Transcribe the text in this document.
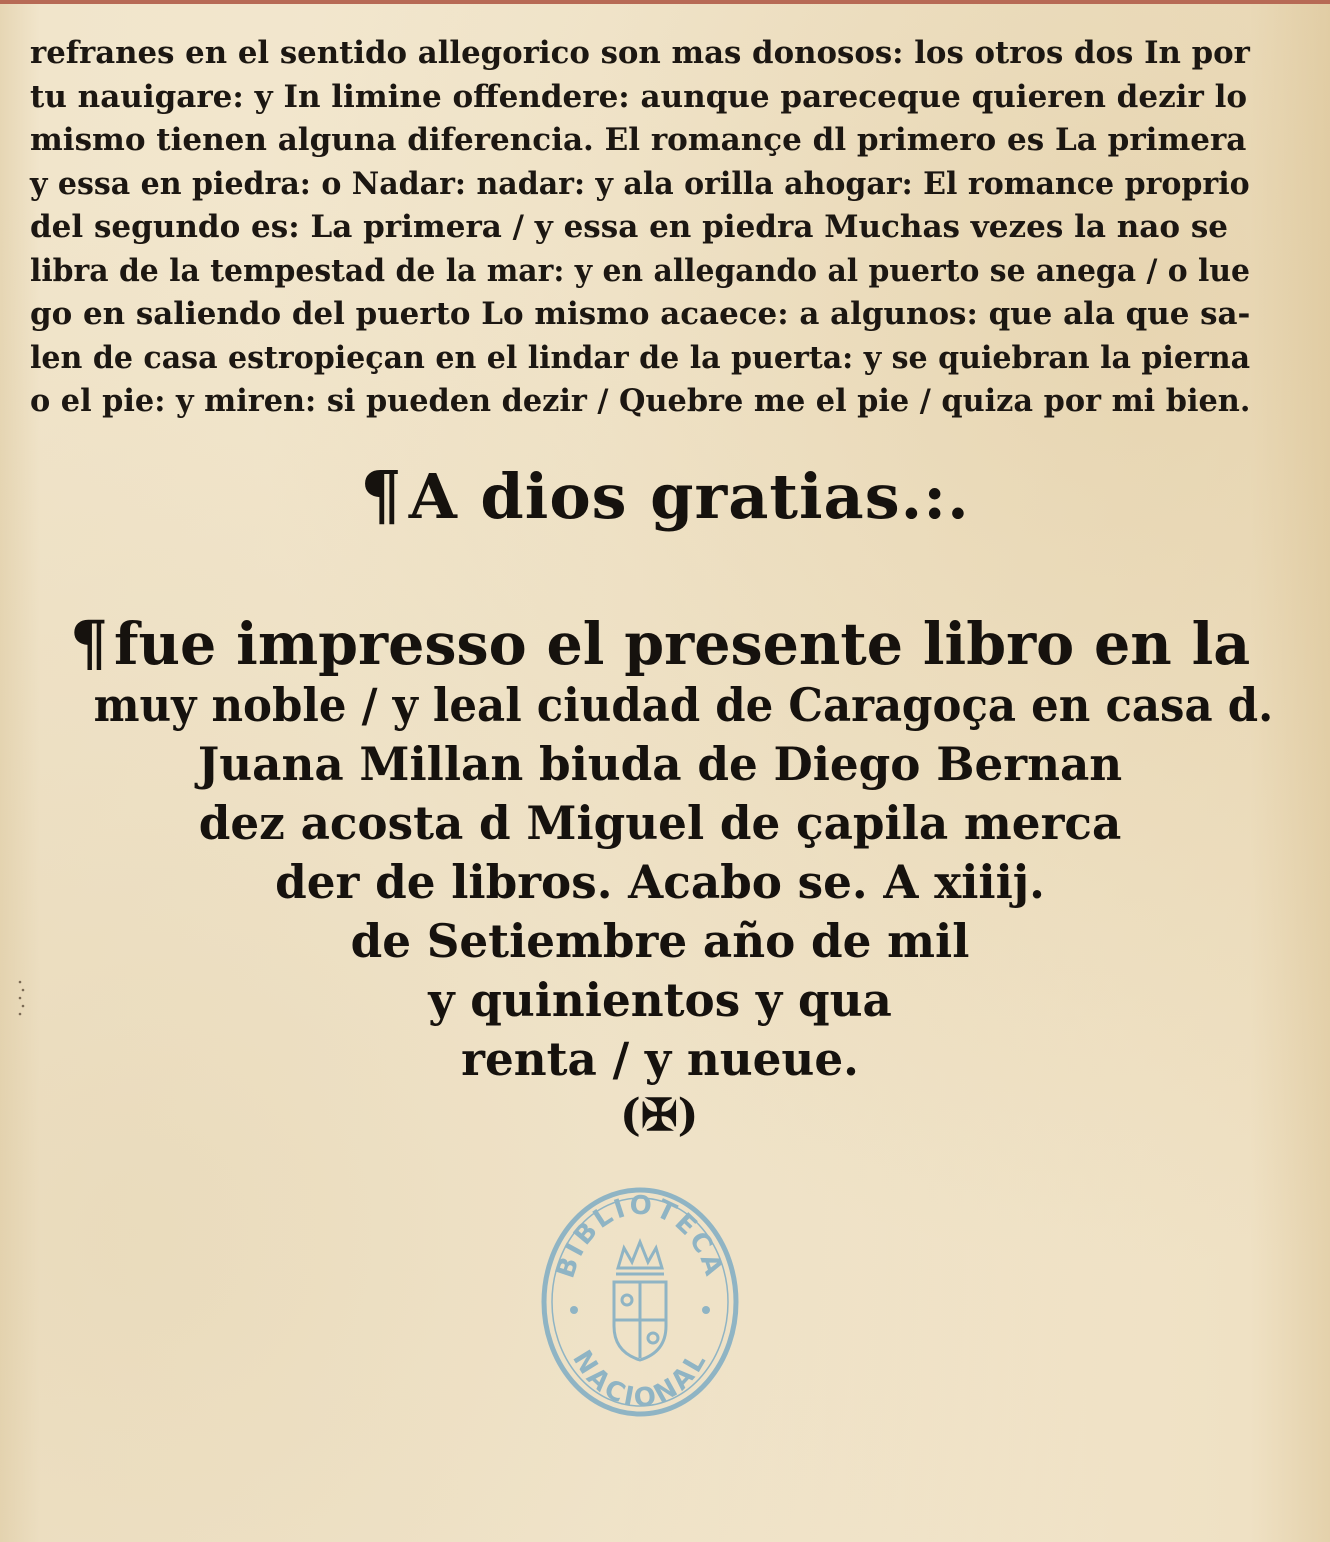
refranes en el sentido allegorico son mas donosos: los otros dos In por
tu nauigare: y In limine offendere: aunque pareceque quieren dezir lo
mismo tienen alguna diferencia. El romançe dl primero es La primera
y essa en piedra: o Nadar: nadar: y ala orilla ahogar: El romance proprio
del segundo es: La primera / y essa en piedra Muchas vezes la nao se
libra de la tempestad de la mar: y en allegando al puerto se anega / o lue
go en saliendo del puerto Lo mismo acaece: a algunos: que ala que sa-
len de casa estropieçan en el lindar de la puerta: y se quiebran la pierna
o el pie: y miren: si pueden dezir / Quebre me el pie / quiza por mi bien.
¶A dios gratias.:.
¶ fue impresso el presente libro en la
muy noble / y leal ciudad de Caragoça en casa d.
Juana Millan biuda de Diego Bernan
dez acosta d Miguel de çapila merca
der de libros. Acabo se. A xiiij.
de Setiembre año de mil
y quinientos y qua
renta / y nueue.
(✠)
BIBLIOTECA
NACIONAL
